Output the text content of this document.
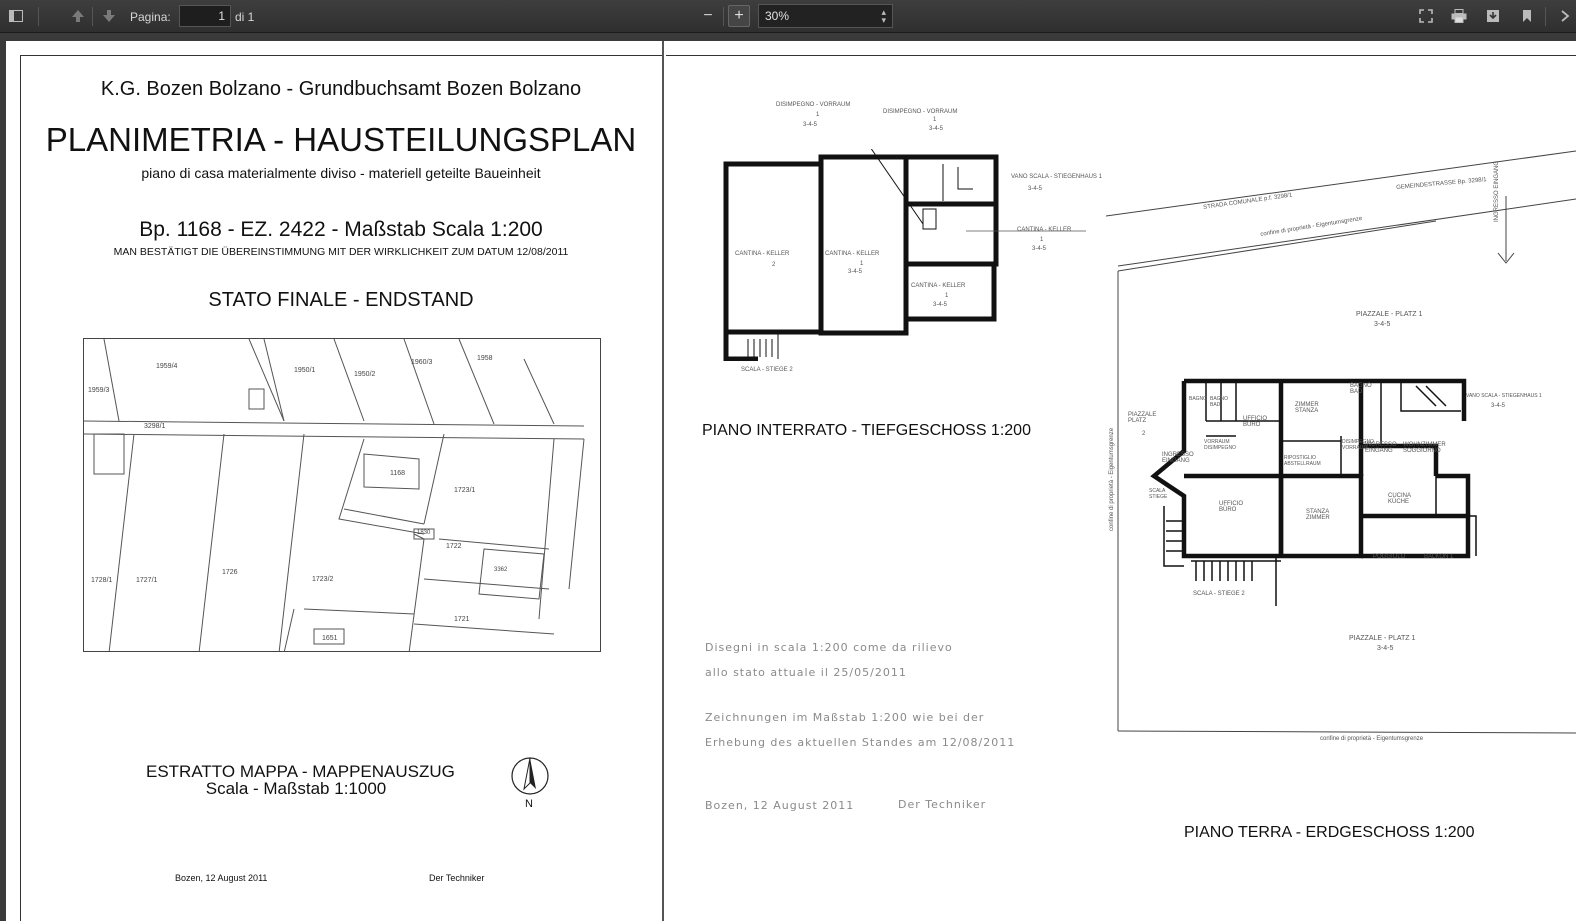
Pagina:
1	di 1	−	+	30%	▴
▾
K.G. Bozen Bolzano - Grundbuchsamt Bozen Bolzano
PLANIMETRIA - HAUSTEILUNGSPLAN
piano di casa materialmente diviso - materiell geteilte Baueinheit
Bp. 1168 - EZ. 2422 - Maßstab Scala 1:200
MAN BESTÄTIGT DIE ÜBEREINSTIMMUNG MIT DER WIRKLICHKEIT ZUM DATUM 12/08/2011
STATO FINALE - ENDSTAND
1959/4
1959/3
1950/1
1950/2
1960/3
1958
3298/1
1168
1723/1
1726
1723/2
1727/1
1728/1
1722
1721
1651
1830
3362
ESTRATTO MAPPA - MAPPENAUSZUG
Scala - Maßstab 1:1000
N
Bozen, 12 August 2011	Der Techniker
DISIMPEGNO - VORRAUM
1
3-4-5
DISIMPEGNO - VORRAUM
1
3-4-5
VANO SCALA - STIEGENHAUS 1
3-4-5
CANTINA - KELLER
2
CANTINA - KELLER
1
3-4-5
CANTINA - KELLER
1
3-4-5
CANTINA - KELLER
1
3-4-5
SCALA - STIEGE 2
PIANO INTERRATO - TIEFGESCHOSS 1:200
Disegni in scala 1:200 come da rilievo
allo stato attuale il 25/05/2011
Zeichnungen im Maßstab 1:200 wie bei der
Erhebung des aktuellen Standes am 12/08/2011
Bozen, 12 August 2011	Der Techniker
STRADA COMUNALE p.f. 3298/1
GEMEINDESTRASSE Bp. 3298/1
confine di proprietà - Eigentumsgrenze
INGRESSO EINGANG
PIAZZALE - PLATZ 1
3-4-5
confine di proprietà - Eigentumsgrenze
PIAZZALE PLATZ
2
BAGNO BAGNO BAD
UFFICIO BÜRO
ZIMMER STANZA
BAGNO BAD
VANO SCALA - STIEGENHAUS 1
3-4-5
INGRESSO EINGANG
VORRAUM DISIMPEGNO
RIPOSTIGLIO ABSTELLRAUM
DISIMPEGNO VORRAUM
INGRESSO EINGANG
WOHNZIMMER SOGGIORNO
SCALA STIEGE
UFFICIO BÜRO	STANZA ZIMMER
CUCINA KÜCHE
POGGIOLO	BALKON 1
SCALA - STIEGE 2
PIAZZALE - PLATZ 1
3-4-5
confine di proprietà - Eigentumsgrenze
PIANO TERRA - ERDGESCHOSS 1:200
